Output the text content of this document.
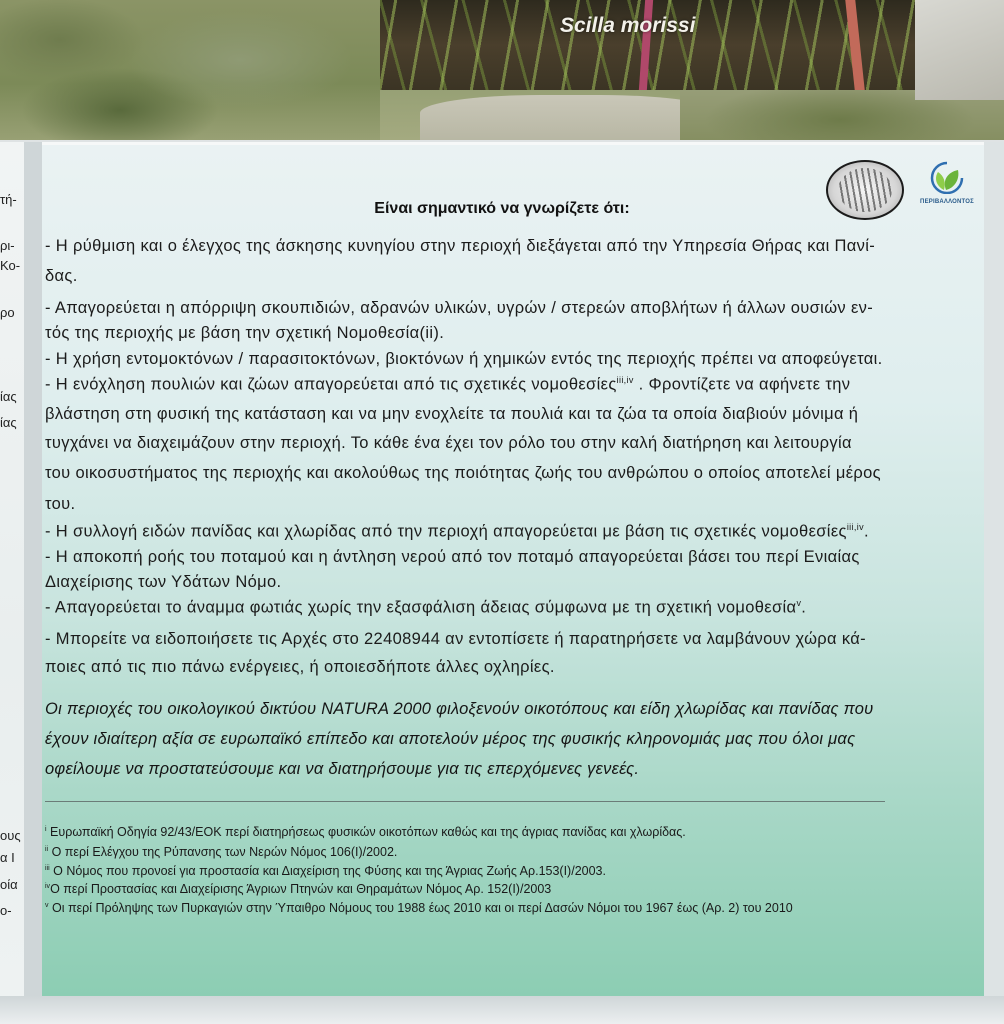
Scilla morissi
τή-
ρι-
Κο-
ρο
ίας
ίας
ους
α Ι
οία
ο-
ΠΕΡΙΒΑΛΛΟΝΤΟΣ
Είναι σημαντικό να γνωρίζετε ότι:
- Η ρύθμιση και ο έλεγχος της άσκησης κυνηγίου στην περιοχή διεξάγεται από την Υπηρεσία Θήρας και Πανί-
δας.
- Απαγορεύεται η απόρριψη σκουπιδιών, αδρανών υλικών, υγρών / στερεών αποβλήτων ή άλλων ουσιών εν-
τός της περιοχής με βάση την σχετική Νομοθεσία(ii).
- Η χρήση εντομοκτόνων / παρασιτοκτόνων, βιοκτόνων ή χημικών εντός της περιοχής πρέπει να αποφεύγεται.
- Η ενόχληση πουλιών και ζώων απαγορεύεται από τις σχετικές νομοθεσίες$^{iii,iv}$ . Φροντίζετε να αφήνετε την
βλάστηση στη φυσική της κατάσταση και να μην ενοχλείτε τα πουλιά και τα ζώα τα οποία διαβιούν μόνιμα ή
τυγχάνει να διαχειμάζουν στην περιοχή. Το κάθε ένα έχει τον ρόλο του στην καλή διατήρηση και λειτουργία
του οικοσυστήματος της περιοχής και ακολούθως της ποιότητας ζωής του ανθρώπου ο οποίος αποτελεί μέρος
του.
- Η συλλογή ειδών πανίδας και χλωρίδας από την περιοχή απαγορεύεται με βάση τις σχετικές νομοθεσίες$^{iii,iv}$.
- Η αποκοπή ροής του ποταμού και η άντληση νερού από τον ποταμό απαγορεύεται βάσει του περί Ενιαίας
Διαχείρισης των Υδάτων Νόμο.
- Απαγορεύεται το άναμμα φωτιάς χωρίς την εξασφάλιση άδειας σύμφωνα με τη σχετική νομοθεσία$^v$.
- Μπορείτε να ειδοποιήσετε τις Αρχές στο 22408944 αν εντοπίσετε ή παρατηρήσετε να λαμβάνουν χώρα κά-
ποιες από τις πιο πάνω ενέργειες, ή οποιεσδήποτε άλλες οχληρίες.
Οι περιοχές του οικολογικού δικτύου NATURA 2000 φιλοξενούν οικοτόπους και είδη χλωρίδας και πανίδας που
έχουν ιδιαίτερη αξία σε ευρωπαϊκό επίπεδο και αποτελούν μέρος της φυσικής κληρονομιάς μας που όλοι μας
οφείλουμε να προστατεύσουμε και να διατηρήσουμε για τις επερχόμενες γενεές.
$^i$ Ευρωπαϊκή Οδηγία 92/43/ΕΟΚ περί διατηρήσεως φυσικών οικοτόπων καθώς και της άγριας πανίδας και χλωρίδας.
$^{ii}$ Ο περί Ελέγχου της Ρύπανσης των Νερών Νόμος 106(I)/2002.
$^{iii}$ Ο Νόμος που προνοεί για προστασία και Διαχείριση της Φύσης και της Άγριας Ζωής Αρ.153(I)/2003.
$^{iv}$Ο περί Προστασίας και Διαχείρισης Άγριων Πτηνών και Θηραμάτων Νόμος Αρ. 152(I)/2003
$^v$ Οι περί Πρόληψης των Πυρκαγιών στην Ύπαιθρο Νόμους του 1988 έως 2010 και οι περί Δασών Νόμοι του 1967 έως (Αρ. 2) του 2010
